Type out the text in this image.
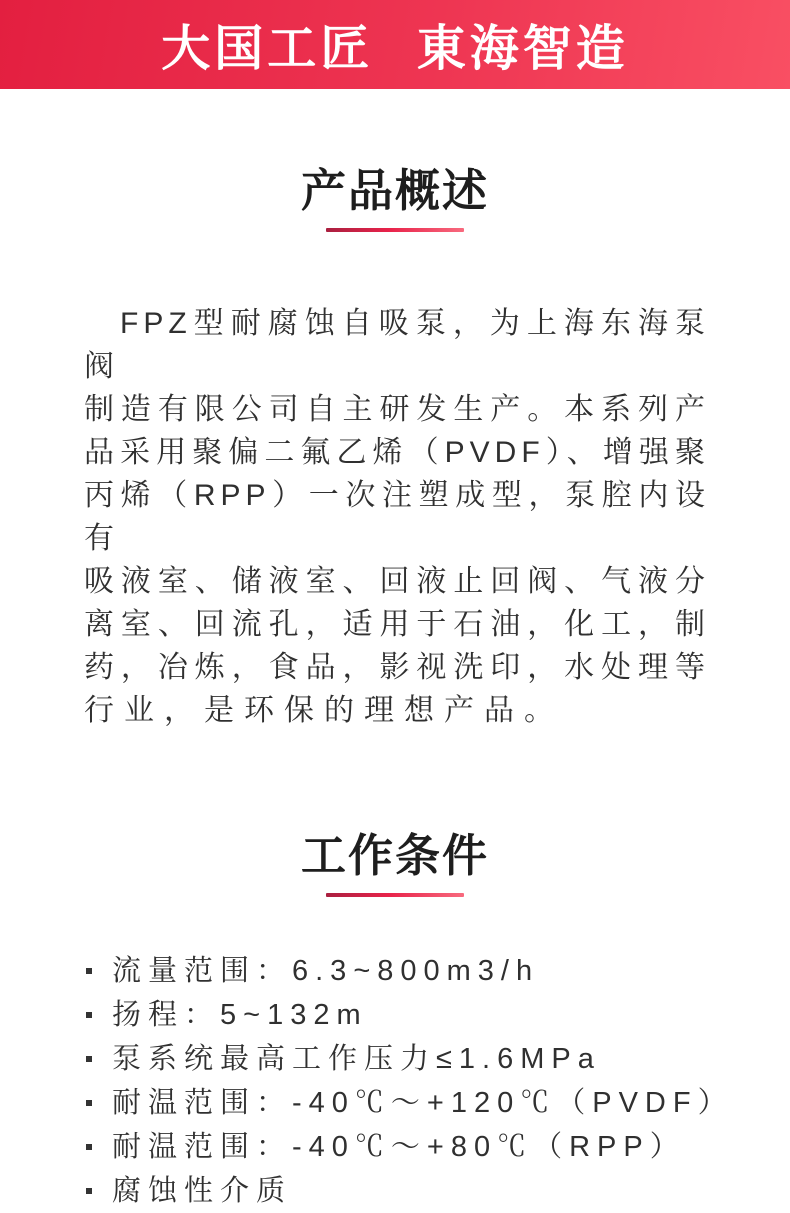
大国工匠 東海智造
产品概述
FPZ型耐腐蚀自吸泵，为上海东海泵阀
制造有限公司自主研发生产。本系列产
品采用聚偏二氟乙烯（PVDF）、增强聚
丙烯（RPP）一次注塑成型，泵腔内设有
吸液室、储液室、回液止回阀、气液分
离室、回流孔，适用于石油，化工，制
药，冶炼，食品，影视洗印，水处理等
行业，是环保的理想产品。
工作条件
流量范围：6.3~800m3/h
扬程：5~132m
泵系统最高工作压力≤1.6MPa
耐温范围：-40℃～+120℃（PVDF）
耐温范围：-40℃～+80℃（RPP）
腐蚀性介质
